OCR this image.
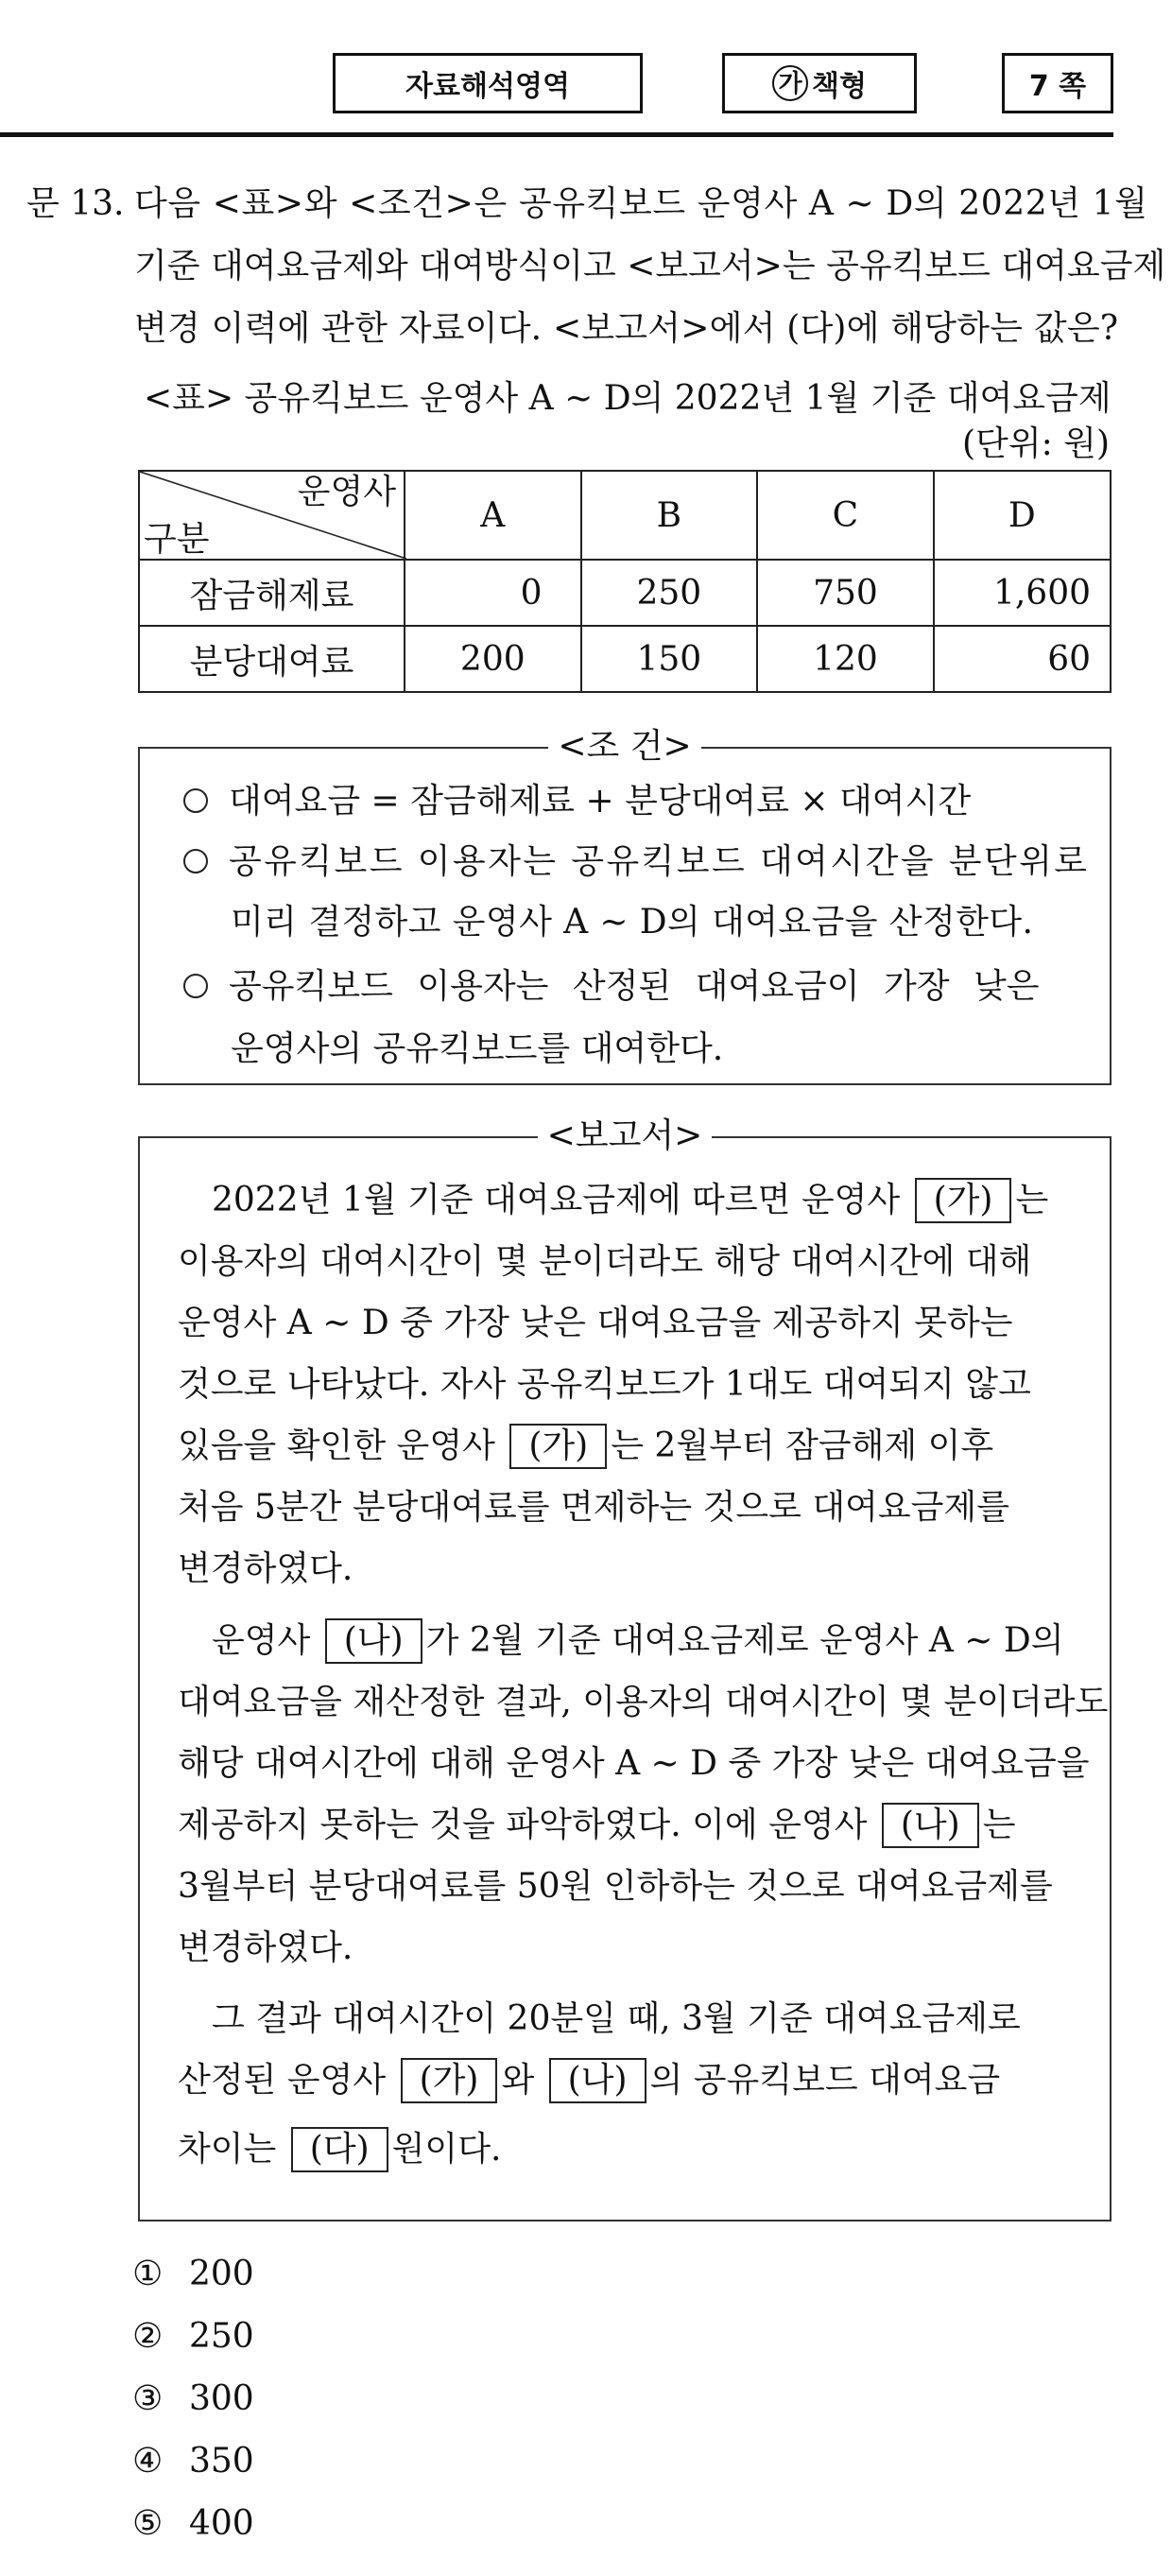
자료해석영역	가 책형	7 쪽
문 13. 다음 <표>와 <조건>은 공유킥보드 운영사 A ~ D의 2022년 1월
기준 대여요금제와 대여방식이고 <보고서>는 공유킥보드 대여요금제
변경 이력에 관한 자료이다. <보고서>에서 (다)에 해당하는 값은?
<표> 공유킥보드 운영사 A ~ D의 2022년 1월 기준 대여요금제
(단위: 원)
운영사
구분	A	B	C	D
잠금해제료	0	250	750	1,600
분당대여료	200	150	120	60
<조 건>
대여요금 = 잠금해제료 + 분당대여료 × 대여시간
공유킥보드 이용자는 공유킥보드 대여시간을 분단위로
미리 결정하고 운영사 A ~ D의 대여요금을 산정한다.
공유킥보드 이용자는 산정된 대여요금이 가장 낮은
운영사의 공유킥보드를 대여한다.
<보고서>
2022년 1월 기준 대여요금제에 따르면 운영사 (가) 는
이용자의 대여시간이 몇 분이더라도 해당 대여시간에 대해
운영사 A ~ D 중 가장 낮은 대여요금을 제공하지 못하는
것으로 나타났다. 자사 공유킥보드가 1대도 대여되지 않고
있음을 확인한 운영사 (가) 는 2월부터 잠금해제 이후
처음 5분간 분당대여료를 면제하는 것으로 대여요금제를
변경하였다.
운영사 (나) 가 2월 기준 대여요금제로 운영사 A ~ D의
대여요금을 재산정한 결과, 이용자의 대여시간이 몇 분이더라도
해당 대여시간에 대해 운영사 A ~ D 중 가장 낮은 대여요금을
제공하지 못하는 것을 파악하였다. 이에 운영사 (나) 는
3월부터 분당대여료를 50원 인하하는 것으로 대여요금제를
변경하였다.
그 결과 대여시간이 20분일 때, 3월 기준 대여요금제로
산정된 운영사 (가) 와 (나) 의 공유킥보드 대여요금
차이는 (다) 원이다.
① 200
② 250
③ 300
④ 350
⑤ 400
